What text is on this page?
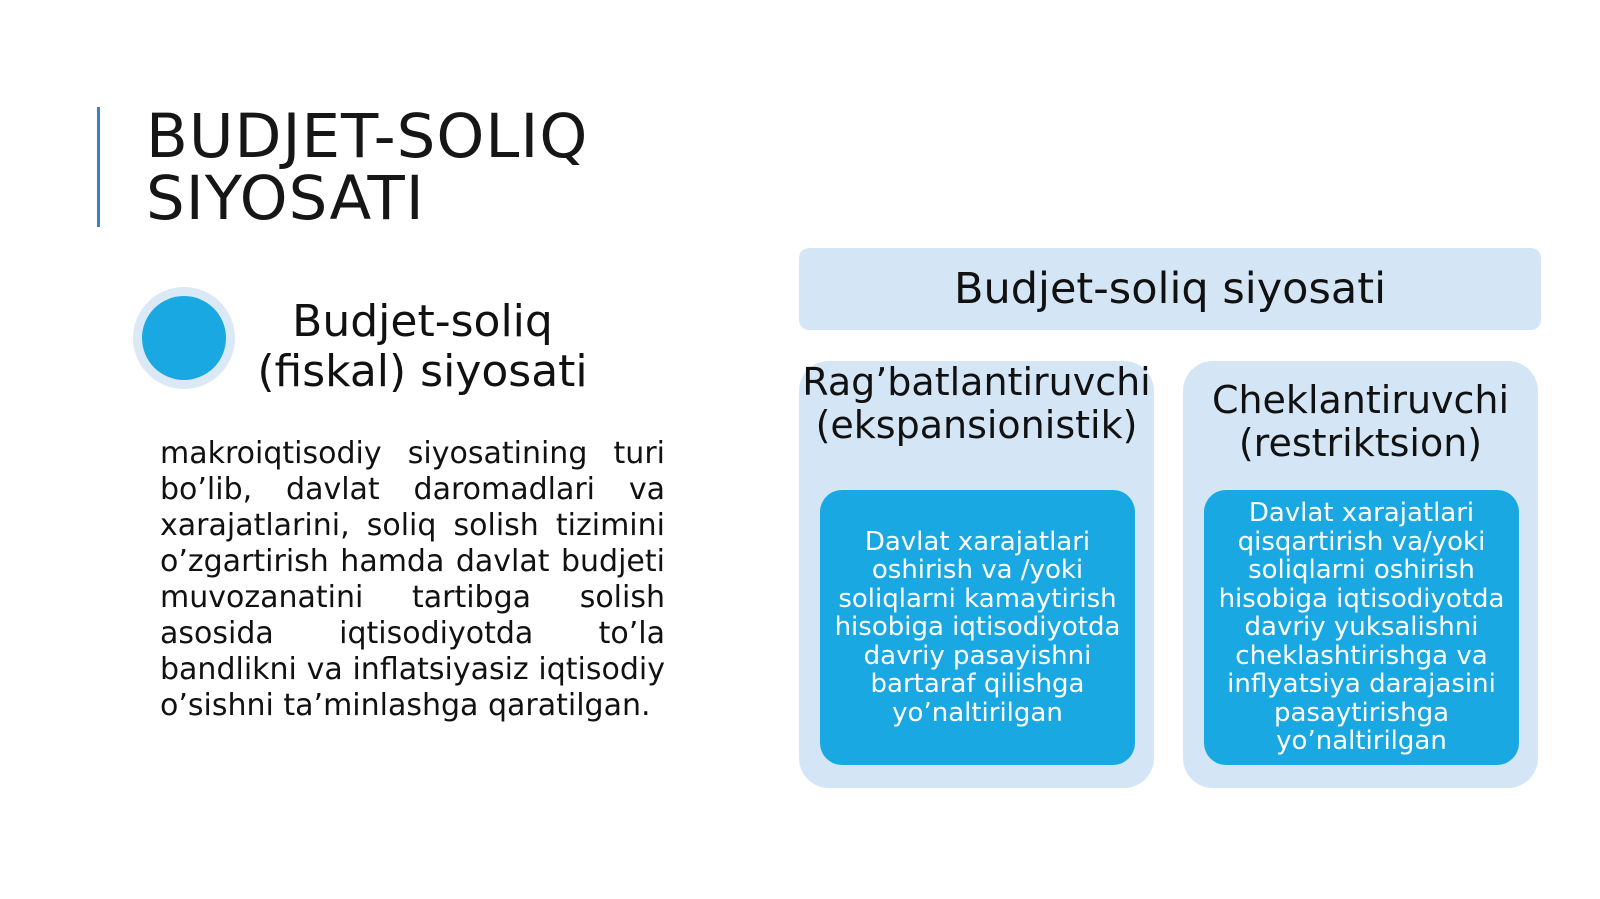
BUDJET-SOLIQ SIYOSATI
Budjet-soliq (fiskal) siyosati
makroiqtisodiy siyosatining turi bo’lib, davlat daromadlari va xarajatlarini, soliq solish tizimini o’zgartirish hamda davlat budjeti muvozanatini tartibga solish asosida iqtisodiyotda to’la bandlikni va inflatsiyasiz iqtisodiy o’sishni ta’minlashga qaratilgan.
Budjet-soliq siyosati
Rag’batlantiruvchi (ekspansionistik)
Davlat xarajatlari oshirish va /yoki soliqlarni kamaytirish hisobiga iqtisodiyotda davriy pasayishni bartaraf qilishga yo’naltirilgan
Cheklantiruvchi (restriktsion)
Davlat xarajatlari qisqartirish va/yoki soliqlarni oshirish hisobiga iqtisodiyotda davriy yuksalishni cheklashtirishga va inflyatsiya darajasini pasaytirishga yo’naltirilgan
